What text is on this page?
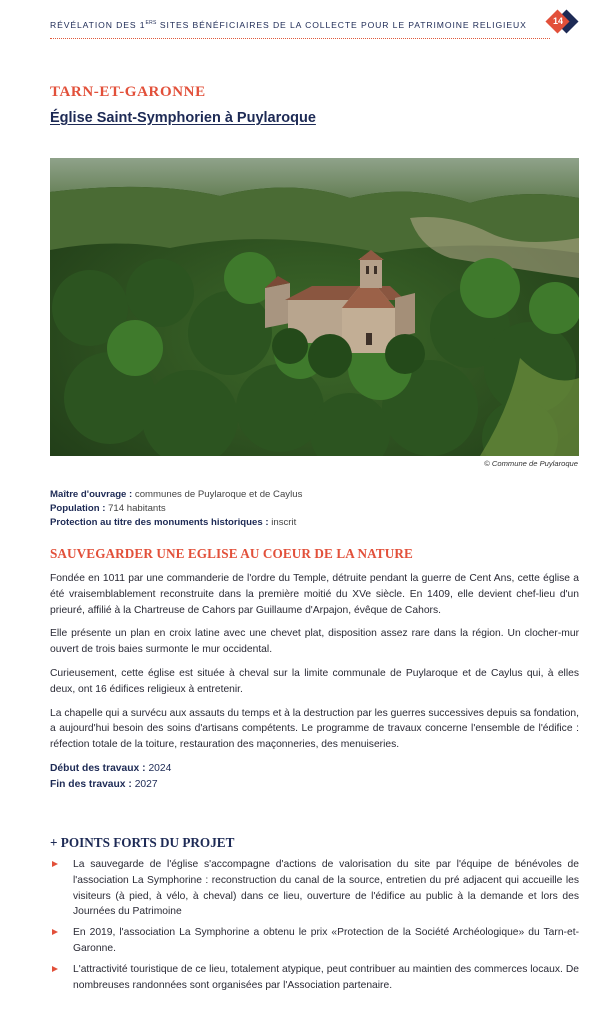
RÉVÉLATION DES 1ERS SITES BÉNÉFICIAIRES DE LA COLLECTE POUR LE PATRIMOINE RELIGIEUX	14
TARN-ET-GARONNE
Église Saint-Symphorien à Puylaroque
© Commune de Puylaroque
Maître d'ouvrage : communes de Puylaroque et de Caylus
Population : 714 habitants
Protection au titre des monuments historiques : inscrit
SAUVEGARDER UNE EGLISE AU COEUR DE LA NATURE

Fondée en 1011 par une commanderie de l'ordre du Temple, détruite pendant la guerre de Cent Ans, cette église a été vraisemblablement reconstruite dans la première moitié du XVe siècle. En 1409, elle devient chef-lieu d'un prieuré, affilié à la Chartreuse de Cahors par Guillaume d'Arpajon, évêque de Cahors.

Elle présente un plan en croix latine avec une chevet plat, disposition assez rare dans la région. Un clocher-mur ouvert de trois baies surmonte le mur occidental.

Curieusement, cette église est située à cheval sur la limite communale de Puylaroque et de Caylus qui, à elles deux, ont 16 édifices religieux à entretenir.

La chapelle qui a survécu aux assauts du temps et à la destruction par les guerres successives depuis sa fondation, a aujourd'hui besoin des soins d'artisans compétents. Le programme de travaux concerne l'ensemble de l'édifice : réfection totale de la toiture, restauration des maçonneries, des menuiseries.

Début des travaux : 2024

Fin des travaux : 2027

+ POINTS FORTS DU PROJET
La sauvegarde de l'église s'accompagne d'actions de valorisation du site par l'équipe de bénévoles de l'association La Symphorine : reconstruction du canal de la source, entretien du pré adjacent qui accueille les visiteurs (à pied, à vélo, à cheval) dans ce lieu, ouverture de l'édifice au public à la demande et lors des Journées du Patrimoine
En 2019, l'association La Symphorine a obtenu le prix «Protection de la Société Archéologique» du Tarn-et-Garonne.
L'attractivité touristique de ce lieu, totalement atypique, peut contribuer au maintien des commerces locaux. De nombreuses randonnées sont organisées par l'Association partenaire.
